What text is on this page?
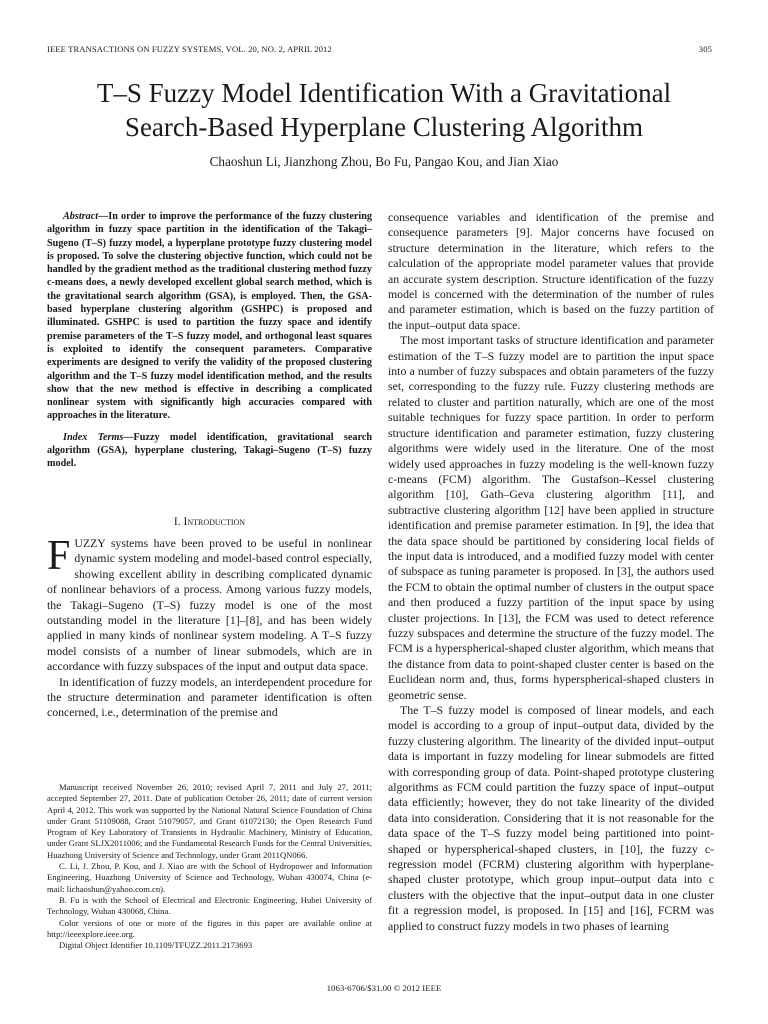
IEEE TRANSACTIONS ON FUZZY SYSTEMS, VOL. 20, NO. 2, APRIL 2012	305
T–S Fuzzy Model Identification With a Gravitational
Search-Based Hyperplane Clustering Algorithm
Chaoshun Li, Jianzhong Zhou, Bo Fu, Pangao Kou, and Jian Xiao

Abstract—In order to improve the performance of the fuzzy clustering algorithm in fuzzy space partition in the identification of the Takagi–Sugeno (T–S) fuzzy model, a hyperplane prototype fuzzy clustering model is proposed. To solve the clustering objective function, which could not be handled by the gradient method as the traditional clustering method fuzzy c-means does, a newly developed excellent global search method, which is the gravitational search algorithm (GSA), is employed. Then, the GSA-based hyperplane clustering algorithm (GSHPC) is proposed and illuminated. GSHPC is used to partition the fuzzy space and identify premise parameters of the T–S fuzzy model, and orthogonal least squares is exploited to identify the consequent parameters. Comparative experiments are designed to verify the validity of the proposed clustering algorithm and the T–S fuzzy model identification method, and the results show that the new method is effective in describing a complicated nonlinear system with significantly high accuracies compared with approaches in the literature.

Index Terms—Fuzzy model identification, gravitational search algorithm (GSA), hyperplane clustering, Takagi–Sugeno (T–S) fuzzy model.

I. Introduction

FUZZY systems have been proved to be useful in nonlinear dynamic system modeling and model-based control especially, showing excellent ability in describing complicated dynamic of nonlinear behaviors of a process. Among various fuzzy models, the Takagi–Sugeno (T–S) fuzzy model is one of the most outstanding model in the literature [1]–[8], and has been widely applied in many kinds of nonlinear system modeling. A T–S fuzzy model consists of a number of linear submodels, which are in accordance with fuzzy subspaces of the input and output data space.

In identification of fuzzy models, an interdependent procedure for the structure determination and parameter identification is often concerned, i.e., determination of the premise and

Manuscript received November 26, 2010; revised April 7, 2011 and July 27, 2011; accepted September 27, 2011. Date of publication October 26, 2011; date of current version April 4, 2012. This work was supported by the National Natural Science Foundation of China under Grant 51109088, Grant 51079057, and Grant 61072130; the Open Research Fund Program of Key Laboratory of Transients in Hydraulic Machinery, Ministry of Education, under Grant SLJX2011006; and the Fundamental Research Funds for the Central Universities, Huazhong University of Science and Technology, under Grant 2011QN066.

C. Li, J. Zhou, P. Kou, and J. Xiao are with the School of Hydropower and Information Engineering, Huazhong University of Science and Technology, Wuhan 430074, China (e-mail: lichaoshun@yahoo.com.cn).

B. Fu is with the School of Electrical and Electronic Engineering, Hubei University of Technology, Wuhan 430068, China.

Color versions of one or more of the figures in this paper are available online at http://ieeexplore.ieee.org.

Digital Object Identifier 10.1109/TFUZZ.2011.2173693

consequence variables and identification of the premise and consequence parameters [9]. Major concerns have focused on structure determination in the literature, which refers to the calculation of the appropriate model parameter values that provide an accurate system description. Structure identification of the fuzzy model is concerned with the determination of the number of rules and parameter estimation, which is based on the fuzzy partition of the input–output data space.

The most important tasks of structure identification and parameter estimation of the T–S fuzzy model are to partition the input space into a number of fuzzy subspaces and obtain parameters of the fuzzy set, corresponding to the fuzzy rule. Fuzzy clustering methods are related to cluster and partition naturally, which are one of the most suitable techniques for fuzzy space partition. In order to perform structure identification and parameter estimation, fuzzy clustering algorithms were widely used in the literature. One of the most widely used approaches in fuzzy modeling is the well-known fuzzy c-means (FCM) algorithm. The Gustafson–Kessel clustering algorithm [10], Gath–Geva clustering algorithm [11], and subtractive clustering algorithm [12] have been applied in structure identification and premise parameter estimation. In [9], the idea that the data space should be partitioned by considering local fields of the input data is introduced, and a modified fuzzy model with center of subspace as tuning parameter is proposed. In [3], the authors used the FCM to obtain the optimal number of clusters in the output space and then produced a fuzzy partition of the input space by using cluster projections. In [13], the FCM was used to detect reference fuzzy subspaces and determine the structure of the fuzzy model. The FCM is a hyperspherical-shaped cluster algorithm, which means that the distance from data to point-shaped cluster center is based on the Euclidean norm and, thus, forms hyperspherical-shaped clusters in geometric sense.

The T–S fuzzy model is composed of linear models, and each model is according to a group of input–output data, divided by the fuzzy clustering algorithm. The linearity of the divided input–output data is important in fuzzy modeling for linear submodels are fitted with corresponding group of data. Point-shaped prototype clustering algorithms as FCM could partition the fuzzy space of input–output data efficiently; however, they do not take linearity of the divided data into consideration. Considering that it is not reasonable for the data space of the T–S fuzzy model being partitioned into point-shaped or hyperspherical-shaped clusters, in [10], the fuzzy c-regression model (FCRM) clustering algorithm with hyperplane-shaped cluster prototype, which group input–output data into c clusters with the objective that the input–output data in one cluster fit a regression model, is proposed. In [15] and [16], FCRM was applied to construct fuzzy models in two phases of learning

1063-6706/$31.00 © 2012 IEEE
